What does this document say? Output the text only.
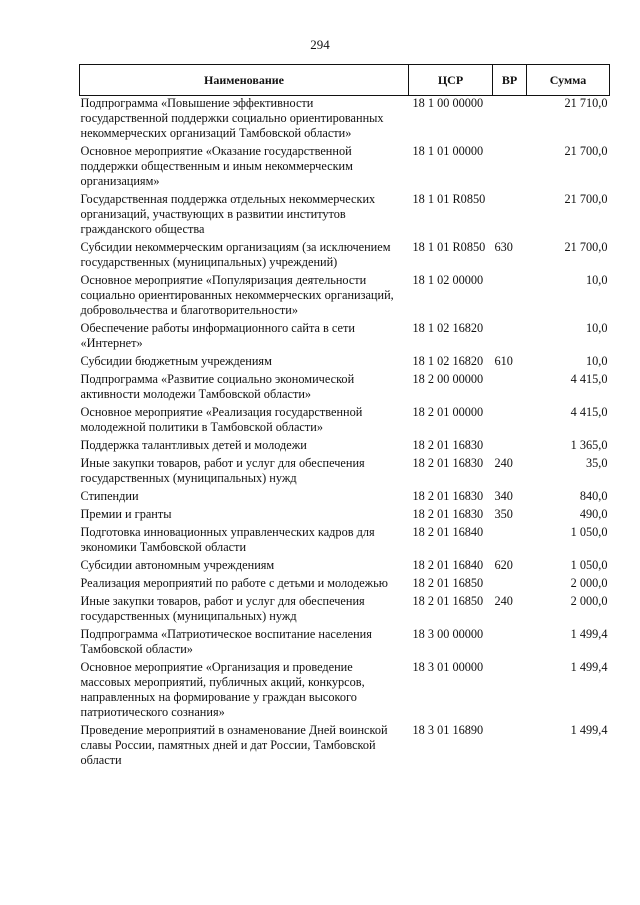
294
Наименование	ЦСР	ВР	Сумма
Подпрограмма «Повышение эффективности государственной поддержки социально ориентированных некоммерческих организаций Тамбовской области»	18 1 00 00000		21 710,0
Основное мероприятие «Оказание государственной поддержки общественным и иным некоммерческим организациям»	18 1 01 00000		21 700,0
Государственная поддержка отдельных некоммерческих организаций, участвующих в развитии институтов гражданского общества	18 1 01 R0850		21 700,0
Субсидии некоммерческим организациям (за исключением государственных (муниципальных) учреждений)	18 1 01 R0850	630	21 700,0
Основное мероприятие «Популяризация деятельности социально ориентированных некоммерческих организаций, добровольчества и благотворительности»	18 1 02 00000		10,0
Обеспечение работы информационного сайта в сети «Интернет»	18 1 02 16820		10,0
Субсидии бюджетным учреждениям	18 1 02 16820	610	10,0
Подпрограмма «Развитие социально экономической активности молодежи Тамбовской области»	18 2 00 00000		4 415,0
Основное мероприятие «Реализация государственной молодежной политики в Тамбовской области»	18 2 01 00000		4 415,0
Поддержка талантливых детей и молодежи	18 2 01 16830		1 365,0
Иные закупки товаров, работ и услуг для обеспечения государственных (муниципальных) нужд	18 2 01 16830	240	35,0
Стипендии	18 2 01 16830	340	840,0
Премии и гранты	18 2 01 16830	350	490,0
Подготовка инновационных управленческих кадров для экономики Тамбовской области	18 2 01 16840		1 050,0
Субсидии автономным учреждениям	18 2 01 16840	620	1 050,0
Реализация мероприятий по работе с детьми и молодежью	18 2 01 16850		2 000,0
Иные закупки товаров, работ и услуг для обеспечения государственных (муниципальных) нужд	18 2 01 16850	240	2 000,0
Подпрограмма «Патриотическое воспитание населения Тамбовской области»	18 3 00 00000		1 499,4
Основное мероприятие «Организация и проведение массовых мероприятий, публичных акций, конкурсов, направленных на формирование у граждан высокого патриотического сознания»	18 3 01 00000		1 499,4
Проведение мероприятий в ознаменование Дней воинской славы России, памятных дней и дат России, Тамбовской области	18 3 01 16890		1 499,4
